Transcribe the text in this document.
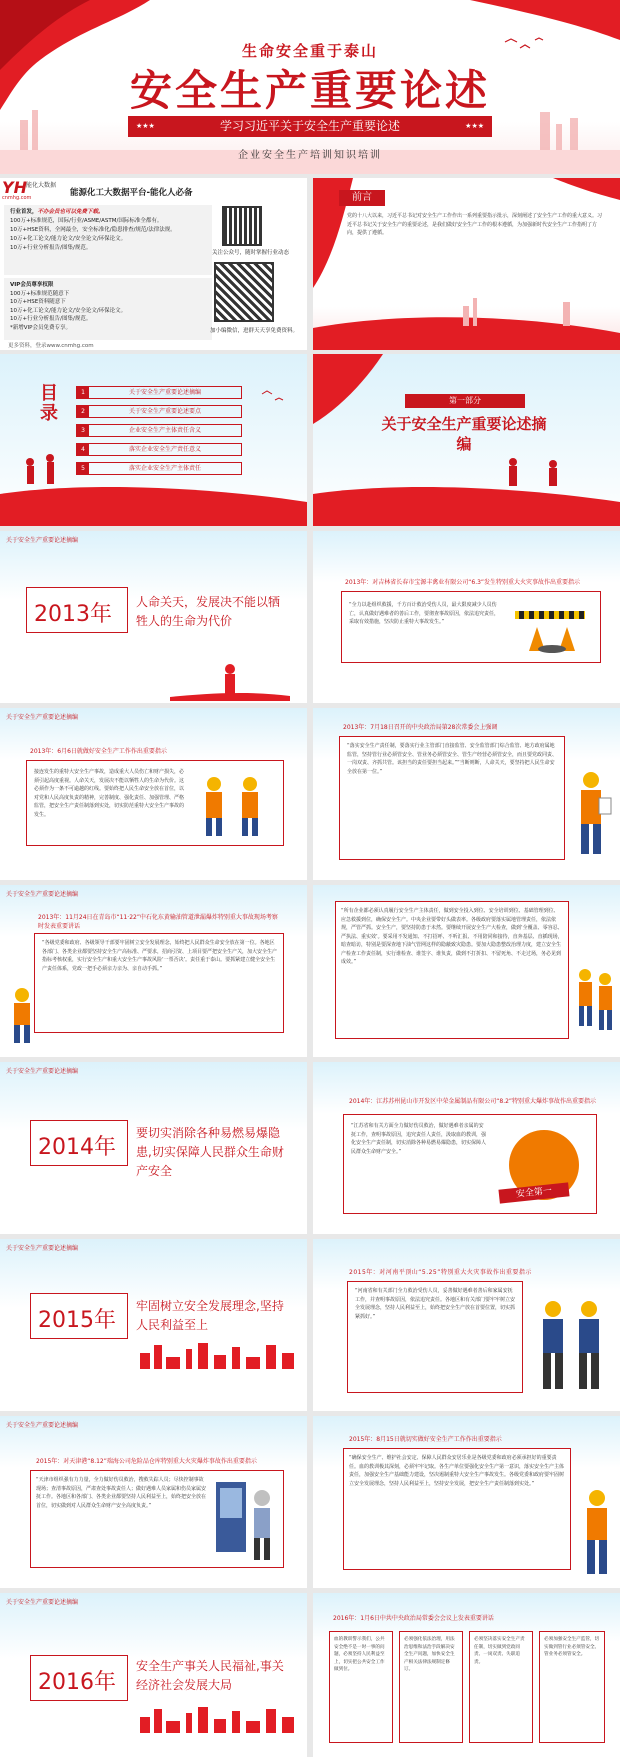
生命安全重于泰山
安全生产重要论述
★★★	学习习近平关于安全生产重要论述	★★★
企业安全生产培训知识培训
YH 能化大数据
cnmhg.com	能源化工大数据平台-能化人必备
行业首发，不办会员也可以免费下载。
100万+标准规范，国际/行业/ASME/ASTM/国际标准全都有。
10万+HSE资料，全网最全，安全标准化/隐患排查/规范/法律法规。
10万+化工论文/能力论文/安全论文/环保论文。
10万+行业分析报告/图集/规范。
VIP会员尊享权限
100万+标准规范随意下
10万+HSE资料随意下
10万+化工论文/能力论文/安全论文/环保论文。
10万+行业分析报告/图集/规范。
*新增VIP会员免费专享。
更多资料，登录www.cnmhg.com
关注公众号，随时掌握行业动态
加小编微信，进群天天享免费资料。
前言
党的十八大以来，习近平总书记对安全生产工作作出一系列重要指示批示，深刻阐述了安全生产工作的重大意义。习近平总书记关于安全生产的重要论述，是我们做好安全生产工作的根本遵循，为加强新时代安全生产工作指明了方向，提供了遵循。
目录
1	关于安全生产重要论述摘编
2	关于安全生产重要论述要点
3	企业安全生产主体责任含义
4	落实企业安全生产责任意义
5	落实企业安全生产主体责任
第一部分
关于安全生产重要论述摘编
关于安全生产重要论述摘编
2013年 人命关天，发展决不能以牺牲人的生命为代价
2013年：对吉林省长春市宝源丰禽业有限公司“6.3”发生特别重大火灾事故作出重要指示
“全力以赴组织救援，千方百计救治受伤人员，最大限度减少人员伤亡，认真做好遇难者的善后工作，要彻查事故原因，依法追究责任，采取有效措施，坚决防止重特大事故发生。”
关于安全生产重要论述摘编
2013年：6月6日就做好安全生产工作作出重要指示
接连发生的重特大安全生产事故，造成重大人员伤亡和财产损失，必须引起高度重视。人命关天，发展决不能以牺牲人的生命为代价。这必须作为一条不可逾越的红线。要始终把人民生命安全放在首位，以对党和人民高度负责的精神，完善制度、强化责任、加强管理、严格监管，把安全生产责任制落到实处，切实防范重特大安全生产事故的发生。
2013年：7月18日召开的中央政治局第28次常委会上强调
“落实安全生产责任制，要落实行业主管部门直接监管、安全监管部门综合监管、地方政府属地监管，坚持管行业必须管安全、管业务必须管安全、管生产经营必须管安全，而且要党政同责、一岗双责、齐抓共管。该担当的责任要担当起来。”“当断则断，人命关天，要坚持把人民生命安全放在第一位。”
关于安全生产重要论述摘编
2013年：11月24日在青岛市“11·22”中石化东黄输油管道泄漏爆炸特别重大事故现场考察时发表重要讲话
“各级党委和政府、各级领导干部要牢固树立安全发展理念，始终把人民群众生命安全放在第一位。各地区各部门、各类企业都要坚持安全生产高标准、严要求，招商引资、上项目要严把安全生产关，加大安全生产指标考核权重，实行安全生产和重大安全生产事故风险‘一票否决’。责任重于泰山。要抓紧建立健全安全生产责任体系，党政一把手必须亲力亲为、亲自动手抓。”
“所有企业都必须认真履行安全生产主体责任，做到安全投入到位、安全培训到位、基础管理到位、应急救援到位，确保安全生产。中央企业要带好头做表率。各级政府要落实属地管理责任，依法依规，严管严抓。安全生产，要坚持防患于未然。要继续开展安全生产大检查，做到‘全覆盖、零容忍、严执法、重实效’。要采用不发通知、不打招呼、不听汇报、不用陪同和接待，直奔基层、直插现场，暗查暗访，特别是要深查地下油气管网这样的隐蔽致灾隐患。要加大隐患整改治理力度，建立安全生产检查工作责任制，实行谁检查、谁签字、谁负责，做到不打折扣、不留死角、不走过场，务必见到成效。”
关于安全生产重要论述摘编
2014年
要切实消除各种易燃易爆隐患,切实保障人民群众生命财产安全
2014年：江苏苏州昆山市开发区中荣金属制品有限公司“8.2”特别重大爆炸事故作出重要指示
“江苏省和有关方面全力做好伤员救治，做好遇难者亲属的安抚工作，查明事故原因，追究责任人责任，汲取血的教训，强化安全生产责任制，切实消除各种易燃易爆隐患，切实保障人民群众生命财产安全。”
安全第一
关于安全生产重要论述摘编
2015年
牢固树立安全发展理念,坚持人民利益至上
2015年：对河南平顶山“5.25”特别重大火灾事故作出重要指示
“河南省和有关部门全力救治受伤人员，妥善做好遇难者善后和家属安抚工作，并查明事故原因，依法追究责任。各地区和有关部门要牢牢树立安全发展理念，坚持人民利益至上，始终把安全生产放在首要位置，切实抓紧抓好。”
关于安全生产重要论述摘编
2015年：对天津港“8.12”瑞海公司危险品仓库特别重大火灾爆炸事故作出重要指示
“天津市组织强有力力量，全力做好伤员救治，搜救失踪人员；尽快控制事故现场；查清事故原因，严肃查处事故责任人；做好遇难人员家属和伤员家属安抚工作。各地区和各部门、各类企业都要坚持人民利益至上，始终把安全放在首位，切实做到对人民群众生命财产安全高度负责。”
2015年：8月15日就切实做好安全生产工作作出重要指示
“确保安全生产、维护社会安定、保障人民群众安居乐业是各级党委和政府必须承担好的重要责任。血的教训极其深刻，必须牢牢记取。各生产单位要强化安全生产第一意识，落实安全生产主体责任，加强安全生产基础能力建设，坚决遏制重特大安全生产事故发生。各级党委和政府要牢固树立安全发展理念，坚持人民利益至上，坚持安全发展，把安全生产责任制落到实处。”
关于安全生产重要论述摘编
2016年
安全生产事关人民福祉,事关经济社会发展大局
2016年：1月6日中共中央政治局常委会会议上发表重要讲话
血的教训警示我们，公共安全绝不是一时一事的问题，必须坚持人民利益至上，切实把公共安全工作做到位。
必须强化依法治理，用法治思维和法治手段解决安全生产问题，加快安全生产相关法律法规制定修订。
必须坚决落实安全生产责任制，切实做到党政同责、一岗双责、失职追责。
必须加强安全生产监管，切实做到管行业必须管安全、管业务必须管安全。
